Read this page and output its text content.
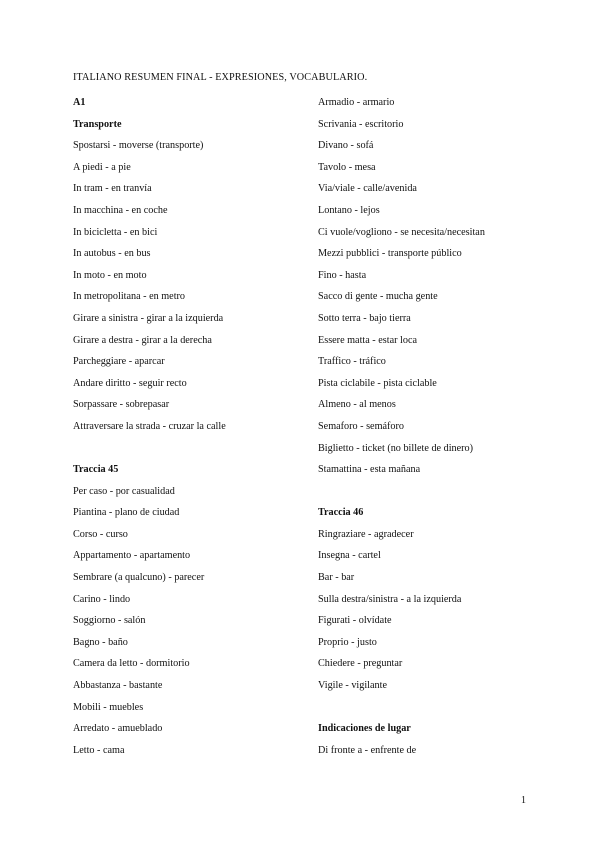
ITALIANO RESUMEN FINAL - EXPRESIONES, VOCABULARIO.
A1
Transporte
Spostarsi - moverse (transporte)
A piedi - a pie
In tram - en tranvía
In macchina - en coche
In bicicletta - en bici
In autobus - en bus
In moto - en moto
In metropolitana - en metro
Girare a sinistra - girar a la izquierda
Girare a destra - girar a la derecha
Parcheggiare - aparcar
Andare diritto - seguir recto
Sorpassare - sobrepasar
Attraversare la strada - cruzar la calle
Traccia 45
Per caso - por casualidad
Piantina - plano de ciudad
Corso - curso
Appartamento - apartamento
Sembrare (a qualcuno) - parecer
Carino - lindo
Soggiorno - salón
Bagno - baño
Camera da letto - dormitorio
Abbastanza - bastante
Mobili - muebles
Arredato - amueblado
Letto - cama
Armadio - armario
Scrivania - escritorio
Divano - sofá
Tavolo - mesa
Via/viale - calle/avenida
Lontano - lejos
Ci vuole/vogliono - se necesita/necesitan
Mezzi pubblici - transporte público
Fino - hasta
Sacco di gente - mucha gente
Sotto terra - bajo tierra
Essere matta - estar loca
Traffico - tráfico
Pista ciclabile - pista ciclable
Almeno - al menos
Semaforo - semáforo
Biglietto - ticket (no billete de dinero)
Stamattina - esta mañana
Traccia 46
Ringraziare - agradecer
Insegna - cartel
Bar - bar
Sulla destra/sinistra - a la izquierda
Figurati - olvídate
Proprio - justo
Chiedere - preguntar
Vigile - vigilante
Indicaciones de lugar
Di fronte a - enfrente de
1
